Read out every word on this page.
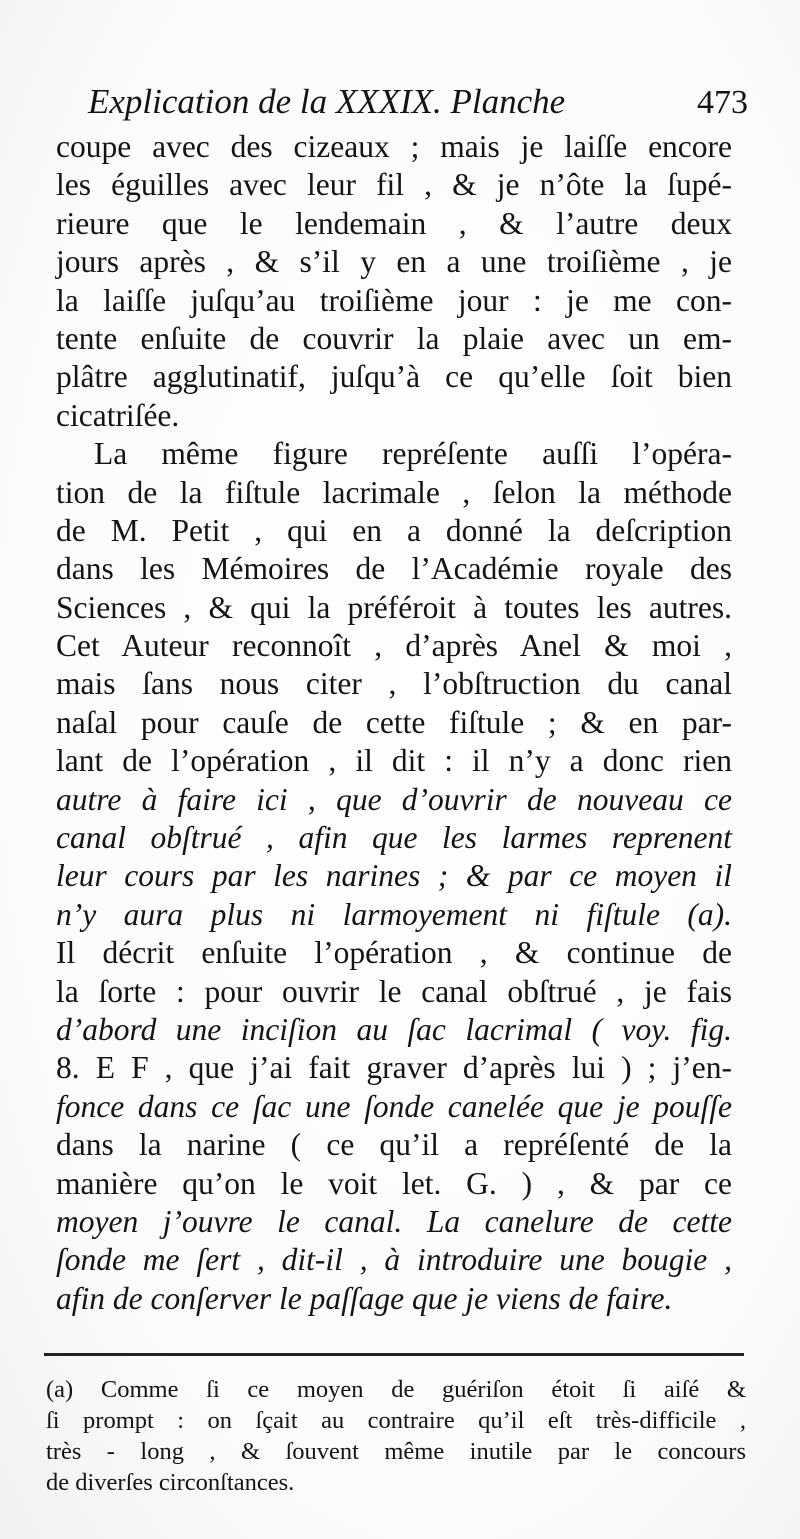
Explication de la XXXIX. Planche	473
coupe avec des cizeaux ; mais je laiſſe encore
les éguilles avec leur fil , & je n’ôte la ſupé-
rieure que le lendemain , & l’autre deux
jours après , & s’il y en a une troiſième , je
la laiſſe juſqu’au troiſième jour : je me con-
tente enſuite de couvrir la plaie avec un em-
plâtre agglutinatif, juſqu’à ce qu’elle ſoit bien
cicatriſée.
La même figure repréſente auſſi l’opéra-
tion de la fiſtule lacrimale , ſelon la méthode
de M. Petit , qui en a donné la deſcription
dans les Mémoires de l’Académie royale des
Sciences , & qui la préféroit à toutes les autres.
Cet Auteur reconnoît , d’après Anel & moi ,
mais ſans nous citer , l’obſtruction du canal
naſal pour cauſe de cette fiſtule ; & en par-
lant de l’opération , il dit : il n’y a donc rien
autre à faire ici , que d’ouvrir de nouveau ce
canal obſtrué , afin que les larmes reprenent
leur cours par les narines ; & par ce moyen il
n’y aura plus ni larmoyement ni fiſtule (a).
Il décrit enſuite l’opération , & continue de
la ſorte : pour ouvrir le canal obſtrué , je fais
d’abord une inciſion au ſac lacrimal ( voy. fig.
8. E F , que j’ai fait graver d’après lui ) ; j’en-
fonce dans ce ſac une ſonde canelée que je pouſſe
dans la narine ( ce qu’il a repréſenté de la
manière qu’on le voit let. G. ) , & par ce
moyen j’ouvre le canal. La canelure de cette
ſonde me ſert , dit-il , à introduire une bougie ,
afin de conſerver le paſſage que je viens de faire.
(a) Comme ſi ce moyen de guériſon étoit ſi aiſé &
ſi prompt : on ſçait au contraire qu’il eſt très-difficile ,
très - long , & ſouvent même inutile par le concours
de diverſes circonſtances.
